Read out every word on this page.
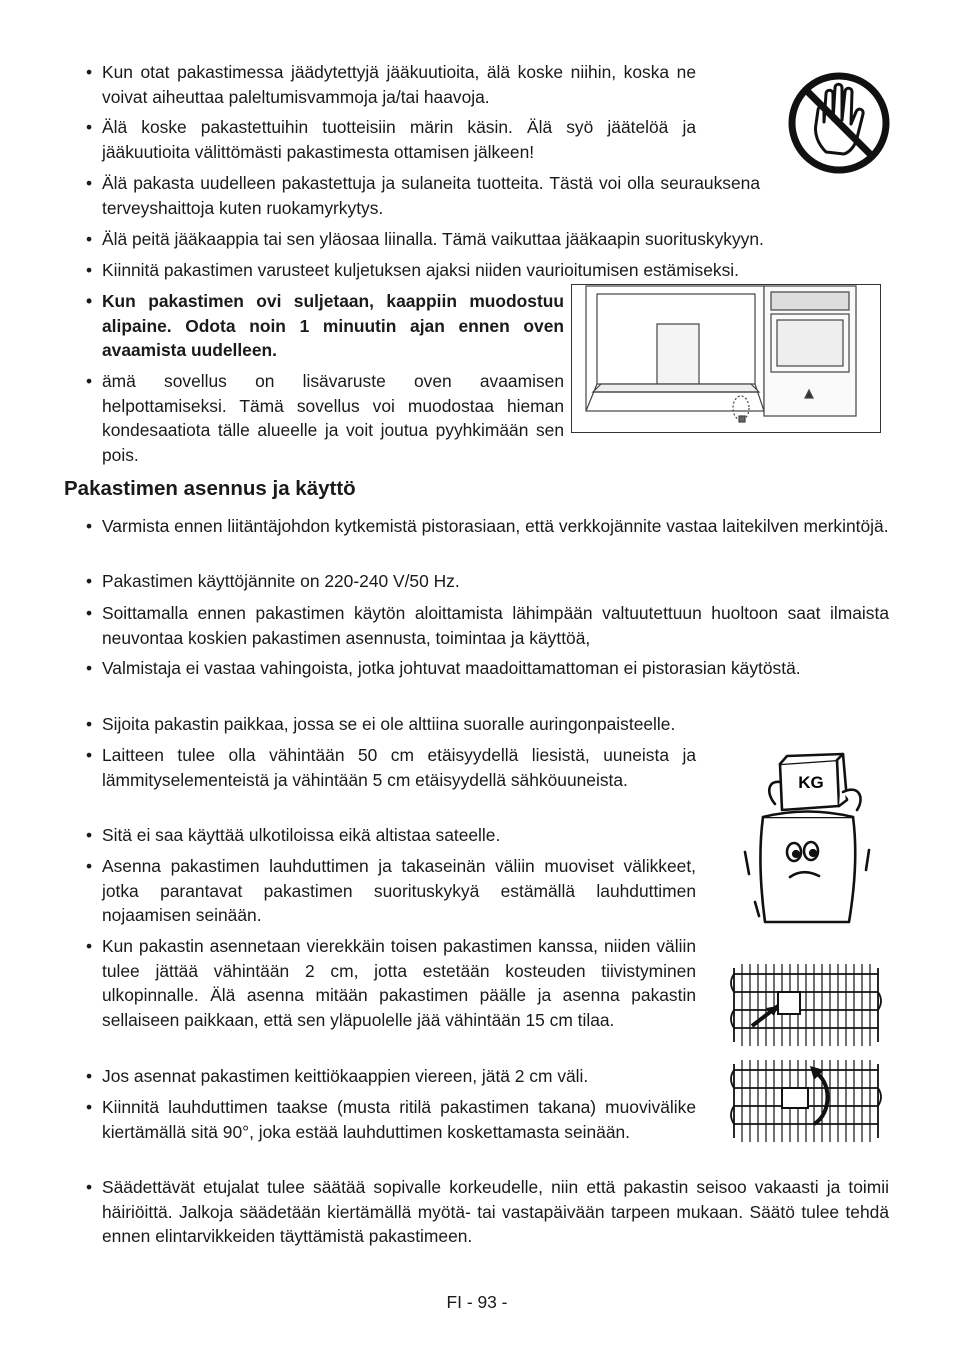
• Kun otat pakastimessa jäädytettyjä jääkuutioita, älä koske niihin, koska ne voivat aiheuttaa paleltumisvammoja ja/tai haavoja.

• Älä koske pakastettuihin tuotteisiin märin käsin. Älä syö jäätelöä ja jääkuutioita välittömästi pakastimesta ottamisen jälkeen!

• Älä pakasta uudelleen pakastettuja ja sulaneita tuotteita. Tästä voi olla seurauksena terveyshaittoja kuten ruokamyrkytys.

• Älä peitä jääkaappia tai sen yläosaa liinalla. Tämä vaikuttaa jääkaapin suorituskykyyn.

• Kiinnitä pakastimen varusteet kuljetuksen ajaksi niiden vaurioitumisen estämiseksi.

• Kun pakastimen ovi suljetaan, kaappiin muodostuu alipaine. Odota noin 1 minuutin ajan ennen oven avaamista uudelleen.

• ämä sovellus on lisävaruste oven avaamisen helpottamiseksi. Tämä sovellus voi muodostaa hieman kondesaatiota tälle alueelle ja voit joutua pyyhkimään sen pois.

Pakastimen asennus ja käyttö

• Varmista ennen liitäntäjohdon kytkemistä pistorasiaan, että verkkojännite vastaa laitekilven merkintöjä.

• Pakastimen käyttöjännite on 220-240 V/50 Hz.

• Soittamalla ennen pakastimen käytön aloittamista lähimpään valtuutettuun huoltoon saat ilmaista neuvontaa koskien pakastimen asennusta, toimintaa ja käyttöä,

• Valmistaja ei vastaa vahingoista, jotka johtuvat maadoittamattoman ei pistorasian käytöstä.

• Sijoita pakastin paikkaa, jossa se ei ole alttiina suoralle auringonpaisteelle.

• Laitteen tulee olla vähintään 50 cm etäisyydellä liesistä, uuneista ja lämmityselementeistä ja vähintään 5 cm etäisyydellä sähköuuneista.

• Sitä ei saa käyttää ulkotiloissa eikä altistaa sateelle.

• Asenna pakastimen lauhduttimen ja takaseinän väliin muoviset välikkeet, jotka parantavat pakastimen suorituskykyä estämällä lauhduttimen nojaamisen seinään.

• Kun pakastin asennetaan vierekkäin toisen pakastimen kanssa, niiden väliin tulee jättää vähintään 2 cm, jotta estetään kosteuden tiivistyminen ulkopinnalle. Älä asenna mitään pakastimen päälle ja asenna pakastin sellaiseen paikkaan, että sen yläpuolelle jää vähintään 15 cm tilaa.

• Jos asennat pakastimen keittiökaappien viereen, jätä 2 cm väli.

• Kiinnitä lauhduttimen taakse (musta ritilä pakastimen takana) muovivälike kiertämällä sitä 90°, joka estää lauhduttimen koskettamasta seinään.

• Säädettävät etujalat tulee säätää sopivalle korkeudelle, niin että pakastin seisoo vakaasti ja toimii häiriöittä. Jalkoja säädetään kiertämällä myötä- tai vastapäivään tarpeen mukaan. Säätö tulee tehdä ennen elintarvikkeiden täyttämistä pakastimeen.

FI - 93 -
KG
